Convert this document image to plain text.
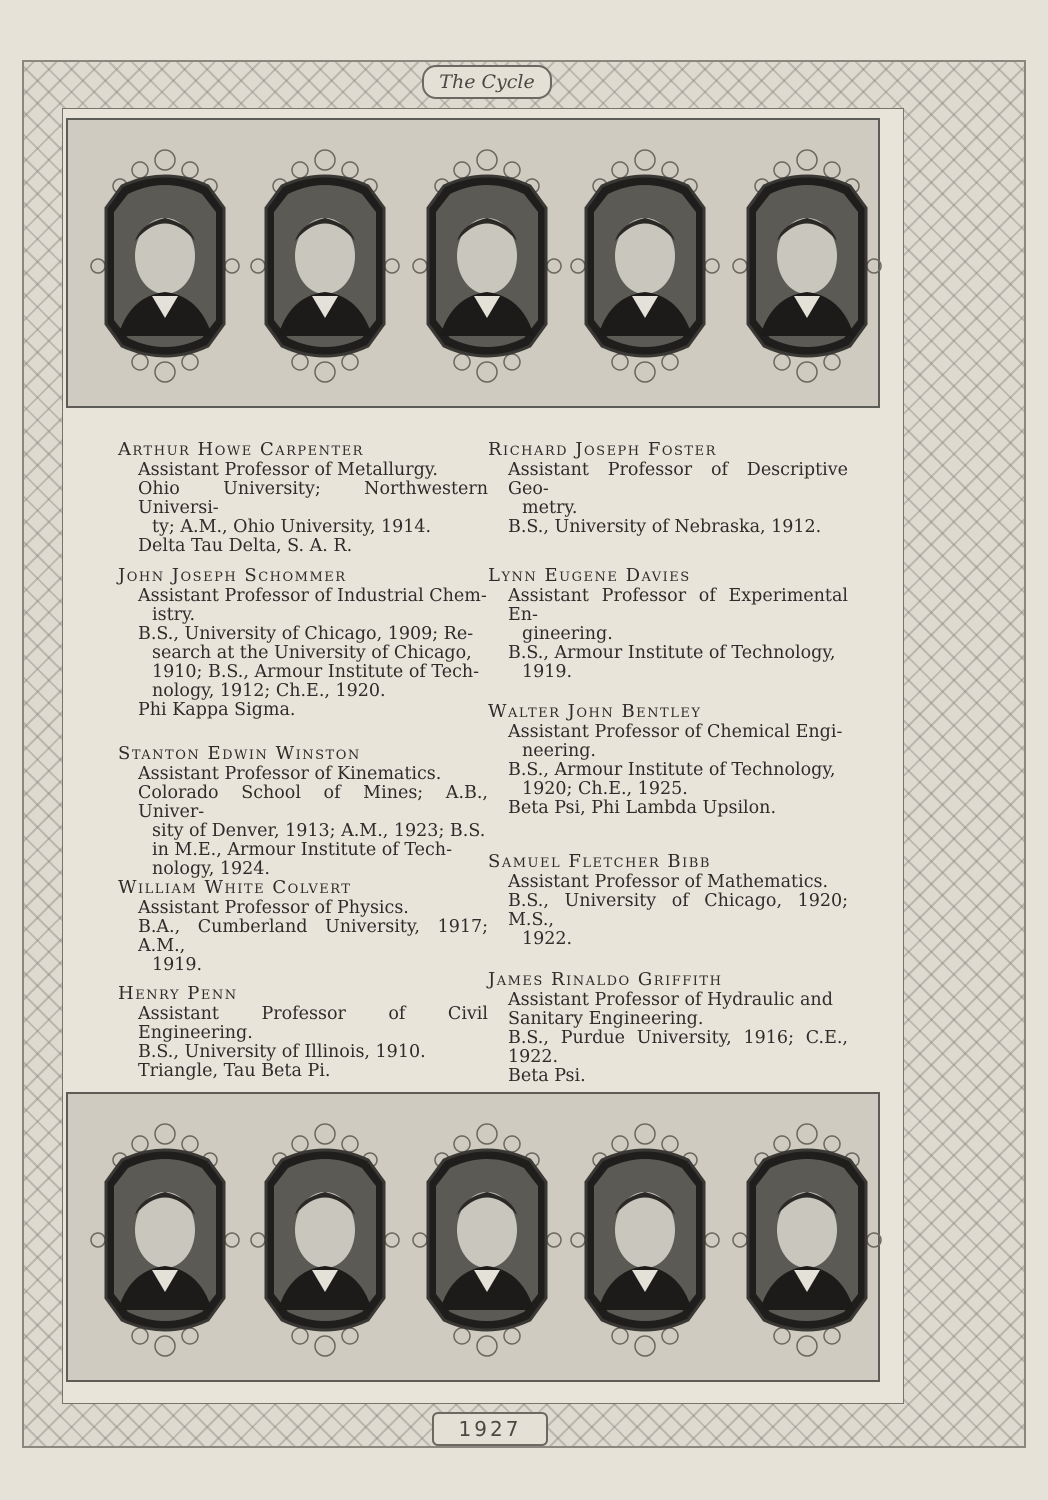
The Cycle
Arthur Howe Carpenter
Assistant Professor of Metallurgy.
Ohio University; Northwestern Universi-
ty; A.M., Ohio University, 1914.
Delta Tau Delta, S. A. R.
John Joseph Schommer
Assistant Professor of Industrial Chem-
istry.
B.S., University of Chicago, 1909; Re-
search at the University of Chicago,
1910; B.S., Armour Institute of Tech-
nology, 1912; Ch.E., 1920.
Phi Kappa Sigma.
Stanton Edwin Winston
Assistant Professor of Kinematics.
Colorado School of Mines; A.B., Univer-
sity of Denver, 1913; A.M., 1923; B.S.
in M.E., Armour Institute of Tech-
nology, 1924.
William White Colvert
Assistant Professor of Physics.
B.A., Cumberland University, 1917; A.M.,
1919.
Henry Penn
Assistant Professor of Civil Engineering.
B.S., University of Illinois, 1910.
Triangle, Tau Beta Pi.
Richard Joseph Foster
Assistant Professor of Descriptive Geo-
metry.
B.S., University of Nebraska, 1912.
Lynn Eugene Davies
Assistant Professor of Experimental En-
gineering.
B.S., Armour Institute of Technology,
1919.
Walter John Bentley
Assistant Professor of Chemical Engi-
neering.
B.S., Armour Institute of Technology,
1920; Ch.E., 1925.
Beta Psi, Phi Lambda Upsilon.
Samuel Fletcher Bibb
Assistant Professor of Mathematics.
B.S., University of Chicago, 1920; M.S.,
1922.
James Rinaldo Griffith
Assistant Professor of Hydraulic and
Sanitary Engineering.
B.S., Purdue University, 1916; C.E., 1922.
Beta Psi.
1927
